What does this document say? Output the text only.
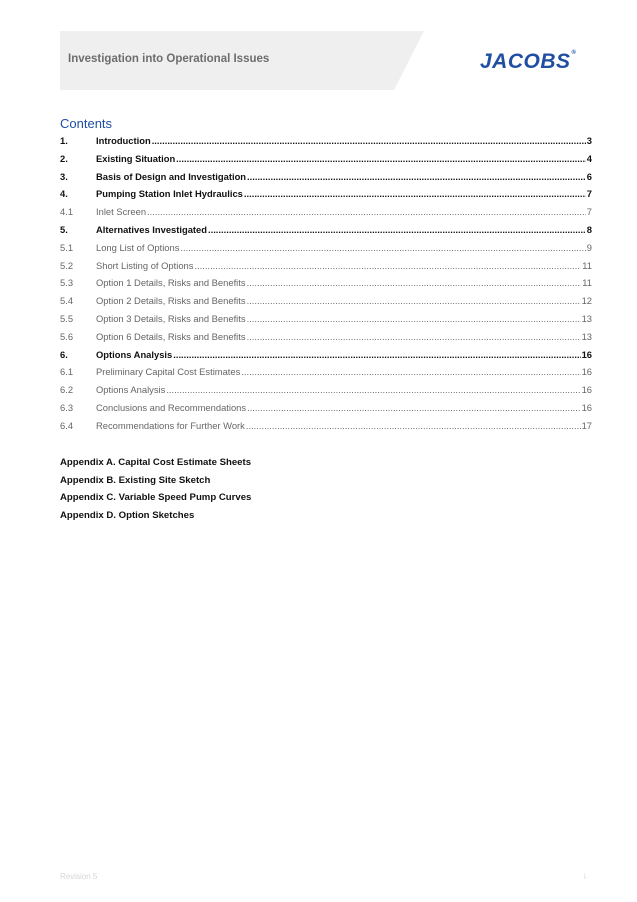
Investigation into Operational Issues	JACOBS®
Contents
1.	Introduction .....	3
2.	Existing Situation .....	4
3.	Basis of Design and Investigation .....	6
4.	Pumping Station Inlet Hydraulics .....	7
4.1	Inlet Screen .....	7
5.	Alternatives Investigated .....	8
5.1	Long List of Options .....	9
5.2	Short Listing of Options .....	11
5.3	Option 1 Details, Risks and Benefits .....	11
5.4	Option 2 Details, Risks and Benefits .....	12
5.5	Option 3 Details, Risks and Benefits .....	13
5.6	Option 6 Details, Risks and Benefits .....	13
6.	Options Analysis .....	16
6.1	Preliminary Capital Cost Estimates .....	16
6.2	Options Analysis .....	16
6.3	Conclusions and Recommendations .....	16
6.4	Recommendations for Further Work .....	17
Appendix A. Capital Cost Estimate Sheets
Appendix B. Existing Site Sketch
Appendix C. Variable Speed Pump Curves
Appendix D. Option Sketches
Revision 5	i
